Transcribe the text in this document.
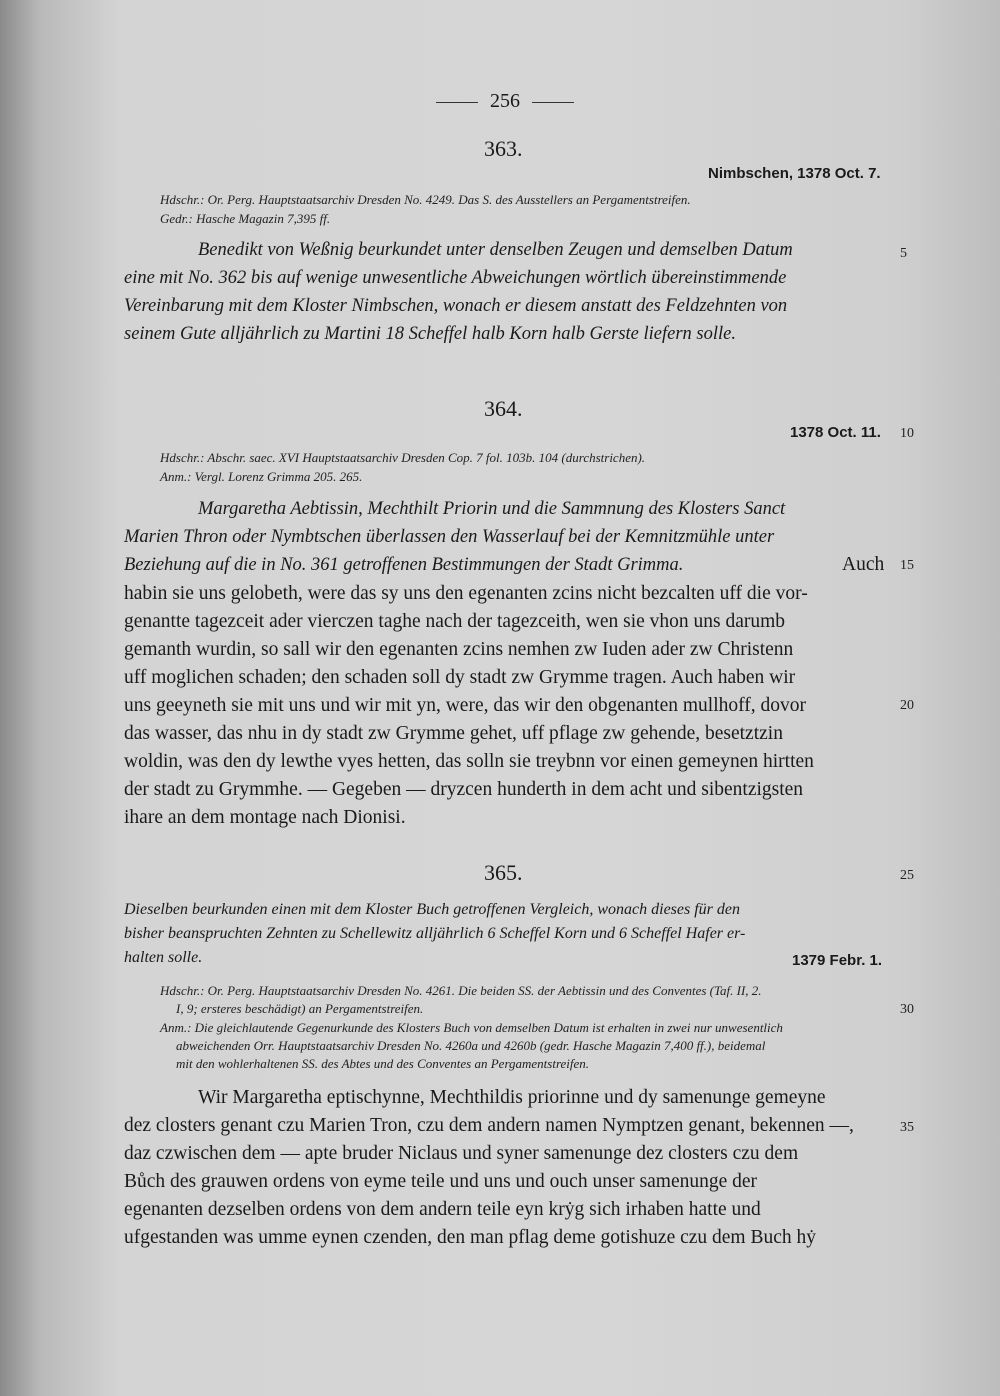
256
363.
Nimbschen, 1378 Oct. 7.
Hdschr.: Or. Perg. Hauptstaatsarchiv Dresden No. 4249. Das S. des Ausstellers an Pergamentstreifen.
Gedr.: Hasche Magazin 7,395 ff.
Benedikt von Weßnig beurkundet unter denselben Zeugen und demselben Datum
eine mit No. 362 bis auf wenige unwesentliche Abweichungen wörtlich übereinstimmende
Vereinbarung mit dem Kloster Nimbschen, wonach er diesem anstatt des Feldzehnten von
seinem Gute alljährlich zu Martini 18 Scheffel halb Korn halb Gerste liefern solle.
364.
1378 Oct. 11.
Hdschr.: Abschr. saec. XVI Hauptstaatsarchiv Dresden Cop. 7 fol. 103b. 104 (durchstrichen).
Anm.: Vergl. Lorenz Grimma 205. 265.
Margaretha Aebtissin, Mechthilt Priorin und die Sammnung des Klosters Sanct
Marien Thron oder Nymbtschen überlassen den Wasserlauf bei der Kemnitzmühle unter
Beziehung auf die in No. 361 getroffenen Bestimmungen der Stadt Grimma.	Auch
habin sie uns gelobeth, were das sy uns den egenanten zcins nicht bezcalten uff die vor-
genantte tagezceit ader vierczen taghe nach der tagezceith, wen sie vhon uns darumb
gemanth wurdin, so sall wir den egenanten zcins nemhen zw Iuden ader zw Christenn
uff moglichen schaden; den schaden soll dy stadt zw Grymme tragen. Auch haben wir
uns geeyneth sie mit uns und wir mit yn, were, das wir den obgenanten mullhoff, dovor
das wasser, das nhu in dy stadt zw Grymme gehet, uff pflage zw gehende, besetztzin
woldin, was den dy lewthe vyes hetten, das solln sie treybnn vor einen gemeynen hirtten
der stadt zu Grymmhe. — Gegeben — dryzcen hunderth in dem acht und sibentzigsten
ihare an dem montage nach Dionisi.
365.
Dieselben beurkunden einen mit dem Kloster Buch getroffenen Vergleich, wonach dieses für den
bisher beanspruchten Zehnten zu Schellewitz alljährlich 6 Scheffel Korn und 6 Scheffel Hafer er-
halten solle.	1379 Febr. 1.
Hdschr.: Or. Perg. Hauptstaatsarchiv Dresden No. 4261. Die beiden SS. der Aebtissin und des Conventes (Taf. II, 2.
I, 9; ersteres beschädigt) an Pergamentstreifen.
Anm.: Die gleichlautende Gegenurkunde des Klosters Buch von demselben Datum ist erhalten in zwei nur unwesentlich
abweichenden Orr. Hauptstaatsarchiv Dresden No. 4260a und 4260b (gedr. Hasche Magazin 7,400 ff.), beidemal
mit den wohlerhaltenen SS. des Abtes und des Conventes an Pergamentstreifen.
Wir Margaretha eptischynne, Mechthildis priorinne und dy samenunge gemeyne
dez closters genant czu Marien Tron, czu dem andern namen Nymptzen genant, bekennen —,
daz czwischen dem — apte bruder Niclaus und syner samenunge dez closters czu dem
Bůch des grauwen ordens von eyme teile und uns und ouch unser samenunge der
egenanten dezselben ordens von dem andern teile eyn krẏg sich irhaben hatte und
ufgestanden was umme eynen czenden, den man pflag deme gotishuze czu dem Buch hẏ
5
10
15
20
25
30
35
